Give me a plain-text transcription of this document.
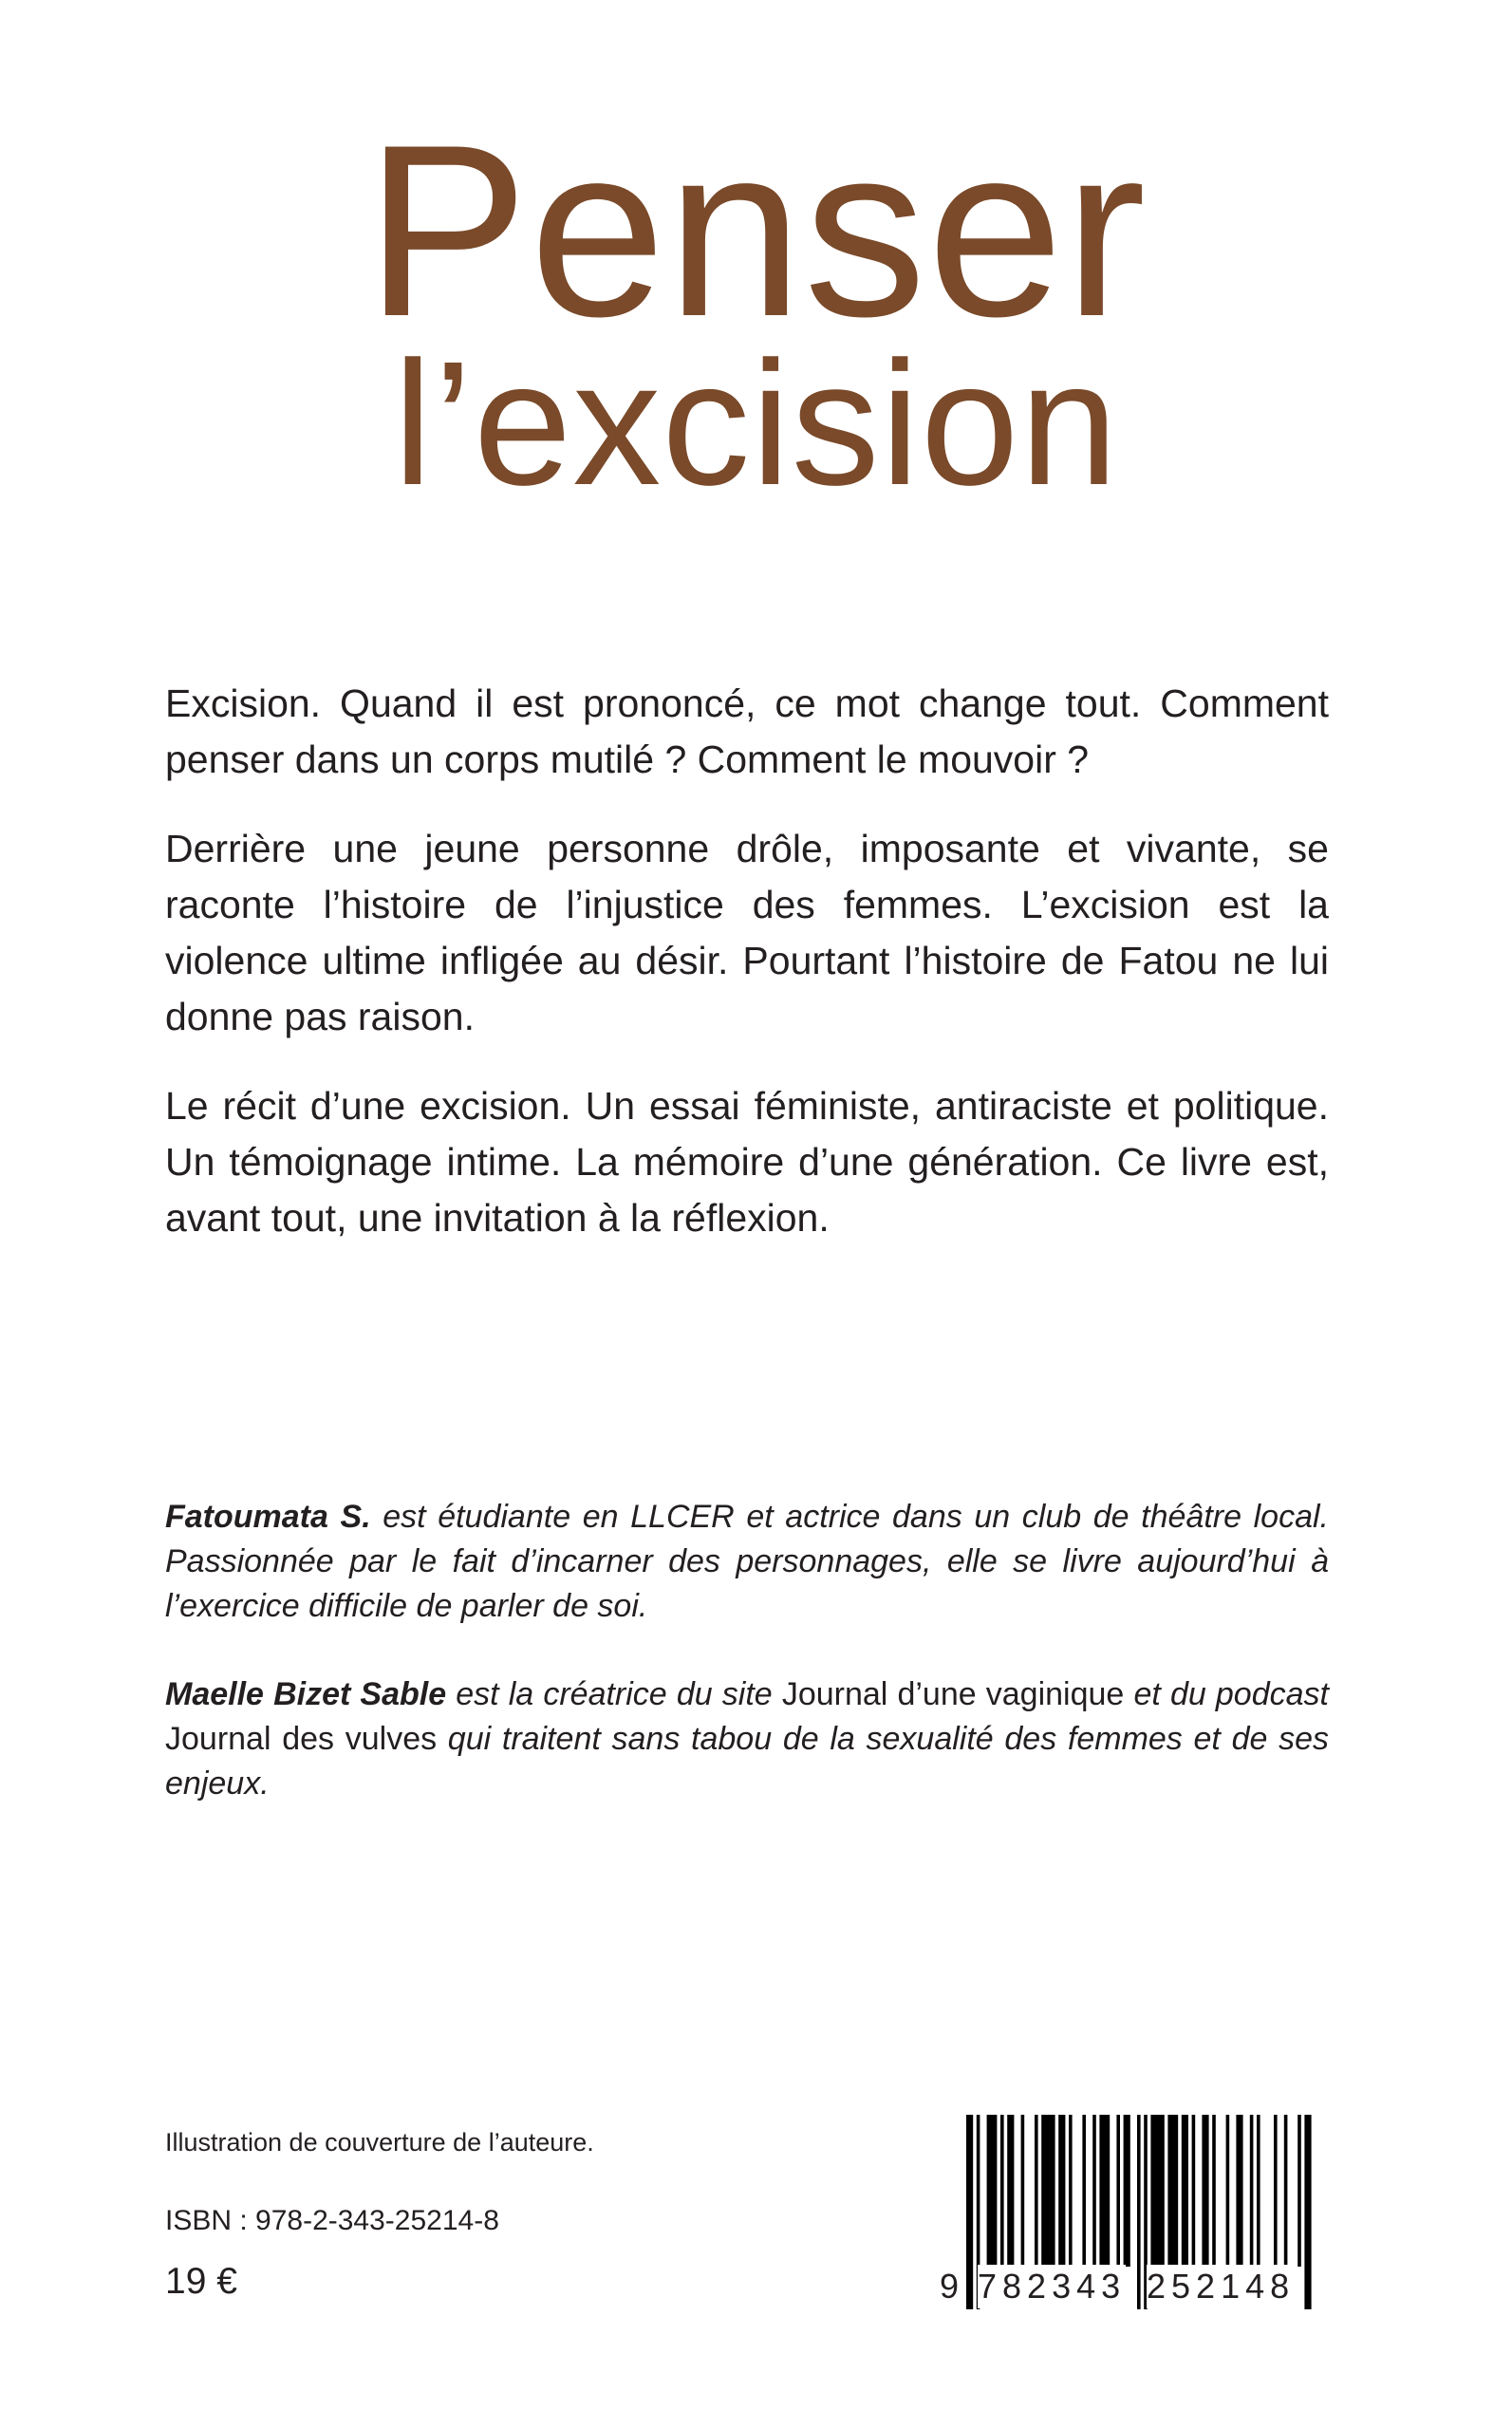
Penser
l’excision

Excision. Quand il est prononcé, ce mot change tout. Comment penser dans un corps mutilé ? Comment le mouvoir ?

Derrière une jeune personne drôle, imposante et vivante, se raconte l’histoire de l’injustice des femmes. L’excision est la violence ultime infligée au désir. Pourtant l’histoire de Fatou ne lui donne pas raison.

Le récit d’une excision. Un essai féministe, antiraciste et politique. Un témoignage intime. La mémoire d’une génération. Ce livre est, avant tout, une invitation à la réflexion.

Fatoumata S. est étudiante en LLCER et actrice dans un club de théâtre local. Passionnée par le fait d’incarner des personnages, elle se livre aujourd’hui à l’exercice difficile de parler de soi.

Maelle Bizet Sable est la créatrice du site Journal d’une vaginique et du podcast Journal des vulves qui traitent sans tabou de la sexualité des femmes et de ses enjeux.

Illustration de couverture de l’auteure.
ISBN : 978-2-343-25214-8
19 €	9 782343 252148
